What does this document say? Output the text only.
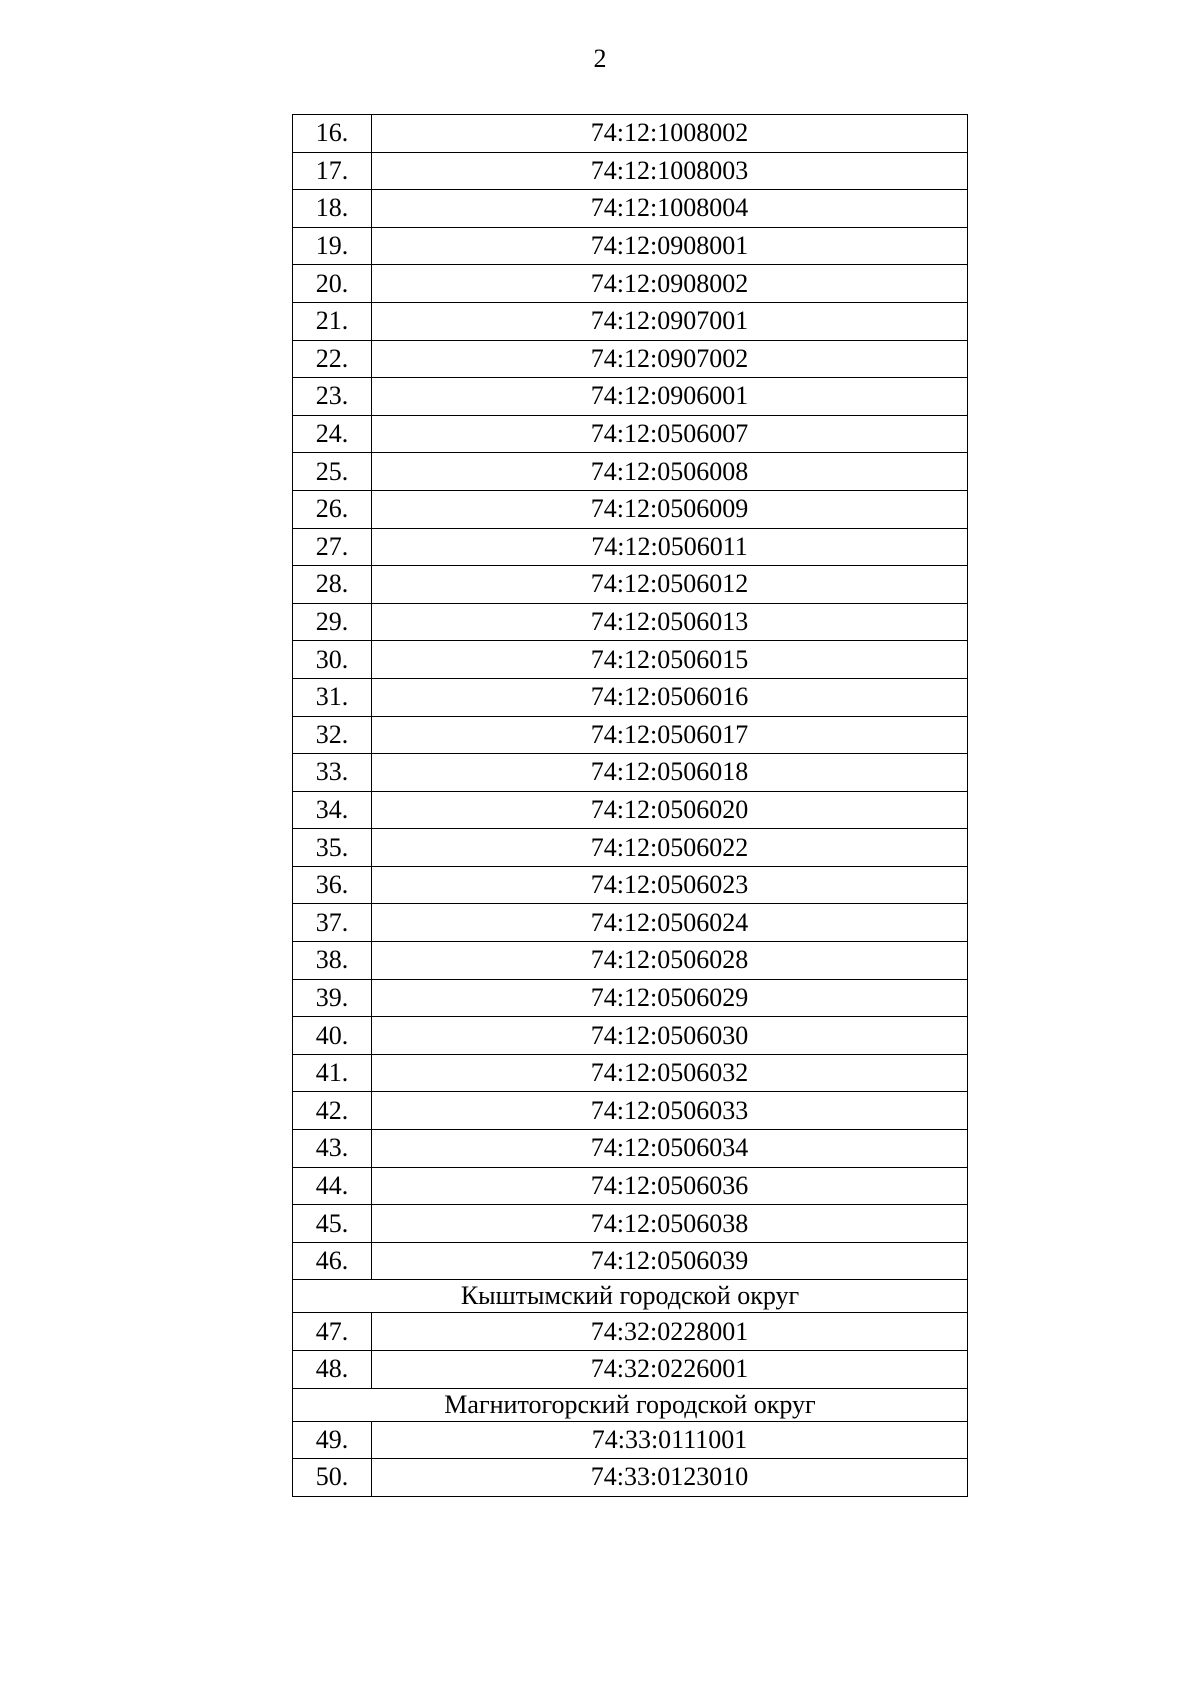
2
16.	74:12:1008002
17.	74:12:1008003
18.	74:12:1008004
19.	74:12:0908001
20.	74:12:0908002
21.	74:12:0907001
22.	74:12:0907002
23.	74:12:0906001
24.	74:12:0506007
25.	74:12:0506008
26.	74:12:0506009
27.	74:12:0506011
28.	74:12:0506012
29.	74:12:0506013
30.	74:12:0506015
31.	74:12:0506016
32.	74:12:0506017
33.	74:12:0506018
34.	74:12:0506020
35.	74:12:0506022
36.	74:12:0506023
37.	74:12:0506024
38.	74:12:0506028
39.	74:12:0506029
40.	74:12:0506030
41.	74:12:0506032
42.	74:12:0506033
43.	74:12:0506034
44.	74:12:0506036
45.	74:12:0506038
46.	74:12:0506039
Кыштымский городской округ	
47.	74:32:0228001
48.	74:32:0226001
Магнитогорский городской округ	
49.	74:33:0111001
50.	74:33:0123010
